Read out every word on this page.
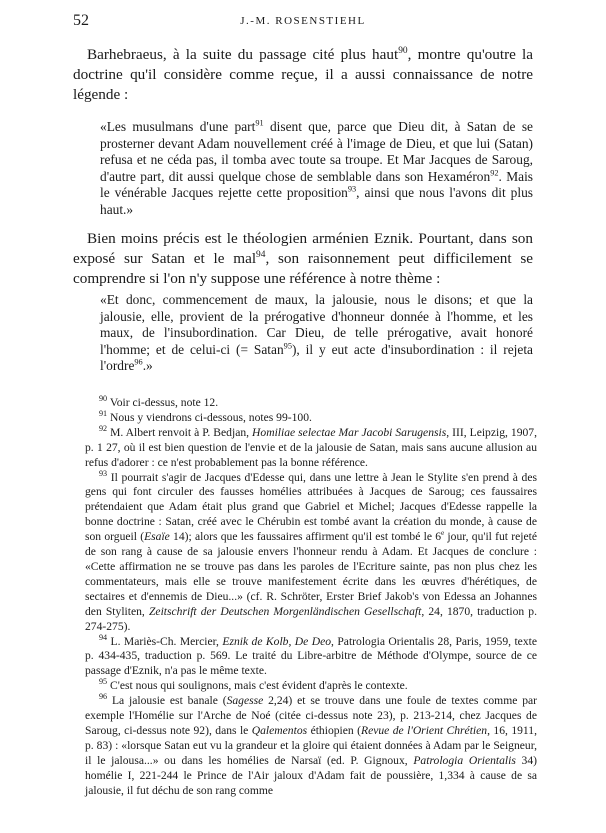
52	J.-M. ROSENSTIEHL

Barhebraeus, à la suite du passage cité plus haut$^{90}$, montre qu'outre la doctrine qu'il considère comme reçue, il a aussi connaissance de notre légende :

«Les musulmans d'une part$^{91}$ disent que, parce que Dieu dit, à Satan de se prosterner devant Adam nouvellement créé à l'image de Dieu, et que lui (Satan) refusa et ne céda pas, il tomba avec toute sa troupe. Et Mar Jacques de Saroug, d'autre part, dit aussi quelque chose de semblable dans son Hexaméron$^{92}$. Mais le vénérable Jacques rejette cette proposition$^{93}$, ainsi que nous l'avons dit plus haut.»

Bien moins précis est le théologien arménien Eznik. Pourtant, dans son exposé sur Satan et le mal$^{94}$, son raisonnement peut difficilement se comprendre si l'on n'y suppose une référence à notre thème :

«Et donc, commencement de maux, la jalousie, nous le disons; et que la jalousie, elle, provient de la prérogative d'honneur donnée à l'homme, et les maux, de l'insubordination. Car Dieu, de telle prérogative, avait honoré l'homme; et de celui-ci (= Satan$^{95}$), il y eut acte d'insubordination : il rejeta l'ordre$^{96}$.»

$^{90}$ Voir ci-dessus, note 12.

$^{91}$ Nous y viendrons ci-dessous, notes 99-100.

$^{92}$ M. Albert renvoit à P. Bedjan, Homiliae selectae Mar Jacobi Sarugensis, III, Leipzig, 1907, p. 1 27, où il est bien question de l'envie et de la jalousie de Satan, mais sans aucune allusion au refus d'adorer : ce n'est probablement pas la bonne référence.

$^{93}$ Il pourrait s'agir de Jacques d'Edesse qui, dans une lettre à Jean le Stylite s'en prend à des gens qui font circuler des fausses homélies attribuées à Jacques de Saroug; ces faussaires prétendaient que Adam était plus grand que Gabriel et Michel; Jacques d'Edesse rappelle la bonne doctrine : Satan, créé avec le Chérubin est tombé avant la création du monde, à cause de son orgueil (Esaïe 14); alors que les faussaires affirment qu'il est tombé le 6e jour, qu'il fut rejeté de son rang à cause de sa jalousie envers l'honneur rendu à Adam. Et Jacques de conclure : «Cette affirmation ne se trouve pas dans les paroles de l'Ecriture sainte, pas non plus chez les commentateurs, mais elle se trouve manifestement écrite dans les œuvres d'hérétiques, de sectaires et d'ennemis de Dieu...» (cf. R. Schröter, Erster Brief Jakob's von Edessa an Johannes den Styliten, Zeitschrift der Deutschen Morgenländischen Gesellschaft, 24, 1870, traduction p. 274-275).

$^{94}$ L. Mariès-Ch. Mercier, Eznik de Kolb, De Deo, Patrologia Orientalis 28, Paris, 1959, texte p. 434-435, traduction p. 569. Le traité du Libre-arbitre de Méthode d'Olympe, source de ce passage d'Eznik, n'a pas le même texte.

$^{95}$ C'est nous qui soulignons, mais c'est évident d'après le contexte.

$^{96}$ La jalousie est banale (Sagesse 2,24) et se trouve dans une foule de textes comme par exemple l'Homélie sur l'Arche de Noé (citée ci-dessus note 23), p. 213-214, chez Jacques de Saroug, ci-dessus note 92), dans le Qalementos éthiopien (Revue de l'Orient Chrétien, 16, 1911, p. 83) : «lorsque Satan eut vu la grandeur et la gloire qui étaient données à Adam par le Seigneur, il le jalousa...» ou dans les homélies de Narsaï (ed. P. Gignoux, Patrologia Orientalis 34) homélie I, 221-244 le Prince de l'Air jaloux d'Adam fait de poussière, 1,334 à cause de sa jalousie, il fut déchu de son rang comme
